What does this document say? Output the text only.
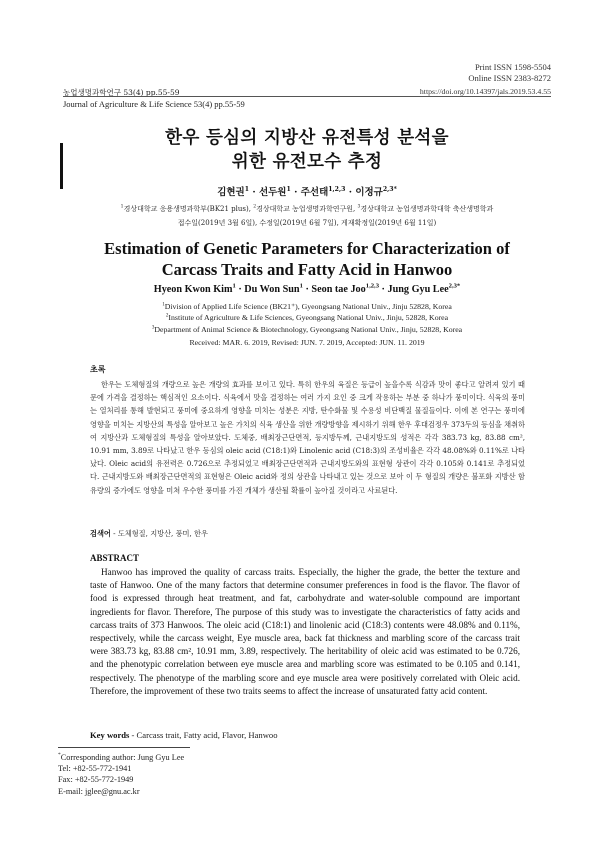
Print ISSN 1598-5504
Online ISSN 2383-8272
농업생명과학연구 53(4) pp.55-59	https://doi.org/10.14397/jals.2019.53.4.55
Journal of Agriculture & Life Science 53(4) pp.55-59
한우 등심의 지방산 유전특성 분석을
위한 유전모수 추정
김현권$^1$ · 선두원$^1$ · 주선태$^{1,2,3}$ · 이정규$^{2,3*}$
$^1$경상대학교 응용생명과학부(BK21 plus), $^2$경상대학교 농업생명과학연구원, $^3$경상대학교 농업생명과학대학 축산생명학과
접수일(2019년 3월 6일), 수정일(2019년 6월 7일), 게재확정일(2019년 6월 11일)
Estimation of Genetic Parameters for Characterization of
Carcass Traits and Fatty Acid in Hanwoo
Hyeon Kwon Kim$^1$ · Du Won Sun$^1$ · Seon tae Joo$^{1,2,3}$ · Jung Gyu Lee$^{2,3*}$
$^1$Division of Applied Life Science (BK21⁺), Gyeongsang National Univ., Jinju 52828, Korea
$^2$Institute of Agriculture & Life Sciences, Gyeongsang National Univ., Jinju, 52828, Korea
$^3$Department of Animal Science & Biotechnology, Gyeongsang National Univ., Jinju, 52828, Korea
Received: MAR. 6. 2019, Revised: JUN. 7. 2019, Accepted: JUN. 11. 2019
초록

한우는 도체형질의 개량으로 높은 개량의 효과를 보이고 있다. 특히 한우의 육질은 등급이 높을수록 식감과 맛이 좋다고 알려져 있기 때문에 가격을 결정하는 핵심적인 요소이다. 식육에서 맛을 결정하는 여러 가지 요인 중 크게 작용하는 부분 중 하나가 풍미이다. 식육의 풍미는 열처리를 통해 발현되고 풍미에 중요하게 영향을 미치는 성분은 지방, 탄수화물 및 수용성 비단백질 물질들이다. 이에 본 연구는 풍미에 영향을 미치는 지방산의 특성을 알아보고 높은 가치의 식육 생산을 위한 개량방향을 제시하기 위해 한우 후대검정우 373두의 등심을 채취하여 지방산과 도체형질의 특성을 알아보았다. 도체중, 배최장근단면적, 등지방두께, 근내지방도의 성적은 각각 383.73 kg, 83.88 cm², 10.91 mm, 3.89로 나타났고 한우 등심의 oleic acid (C18:1)와 Linolenic acid (C18:3)의 조성비율은 각각 48.08%와 0.11%로 나타났다. Oleic acid의 유전력은 0.726으로 추정되었고 배최장근단면적과 근내지방도와의 표현형 상관이 각각 0.105와 0.141로 추정되었다. 근내지방도와 배최장근단면적의 표현형은 Oleic acid와 정의 상관을 나타내고 있는 것으로 보아 이 두 형질의 개량은 불포화 지방산 함유량의 증가에도 영향을 미쳐 우수한 풍미를 가진 개체가 생산될 확률이 높아질 것이라고 사료된다.

검색어 - 도체형질, 지방산, 풍미, 한우
ABSTRACT

Hanwoo has improved the quality of carcass traits. Especially, the higher the grade, the better the texture and taste of Hanwoo. One of the many factors that determine consumer preferences in food is the flavor. The flavor of food is expressed through heat treatment, and fat, carbohydrate and water-soluble compound are important ingredients for flavor. Therefore, The purpose of this study was to investigate the characteristics of fatty acids and carcass traits of 373 Hanwoos. The oleic acid (C18:1) and linolenic acid (C18:3) contents were 48.08% and 0.11%, respectively, while the carcass weight, Eye muscle area, back fat thickness and marbling score of the carcass trait were 383.73 kg, 83.88 cm², 10.91 mm, 3.89, respectively. The heritability of oleic acid was estimated to be 0.726, and the phenotypic correlation between eye muscle area and marbling score was estimated to be 0.105 and 0.141, respectively. The phenotype of the marbling score and eye muscle area were positively correlated with Oleic acid. Therefore, the improvement of these two traits seems to affect the increase of unsaturated fatty acid content.

Key words - Carcass trait, Fatty acid, Flavor, Hanwoo
*Corresponding author: Jung Gyu Lee
Tel: +82-55-772-1941
Fax: +82-55-772-1949
E-mail: jglee@gnu.ac.kr
